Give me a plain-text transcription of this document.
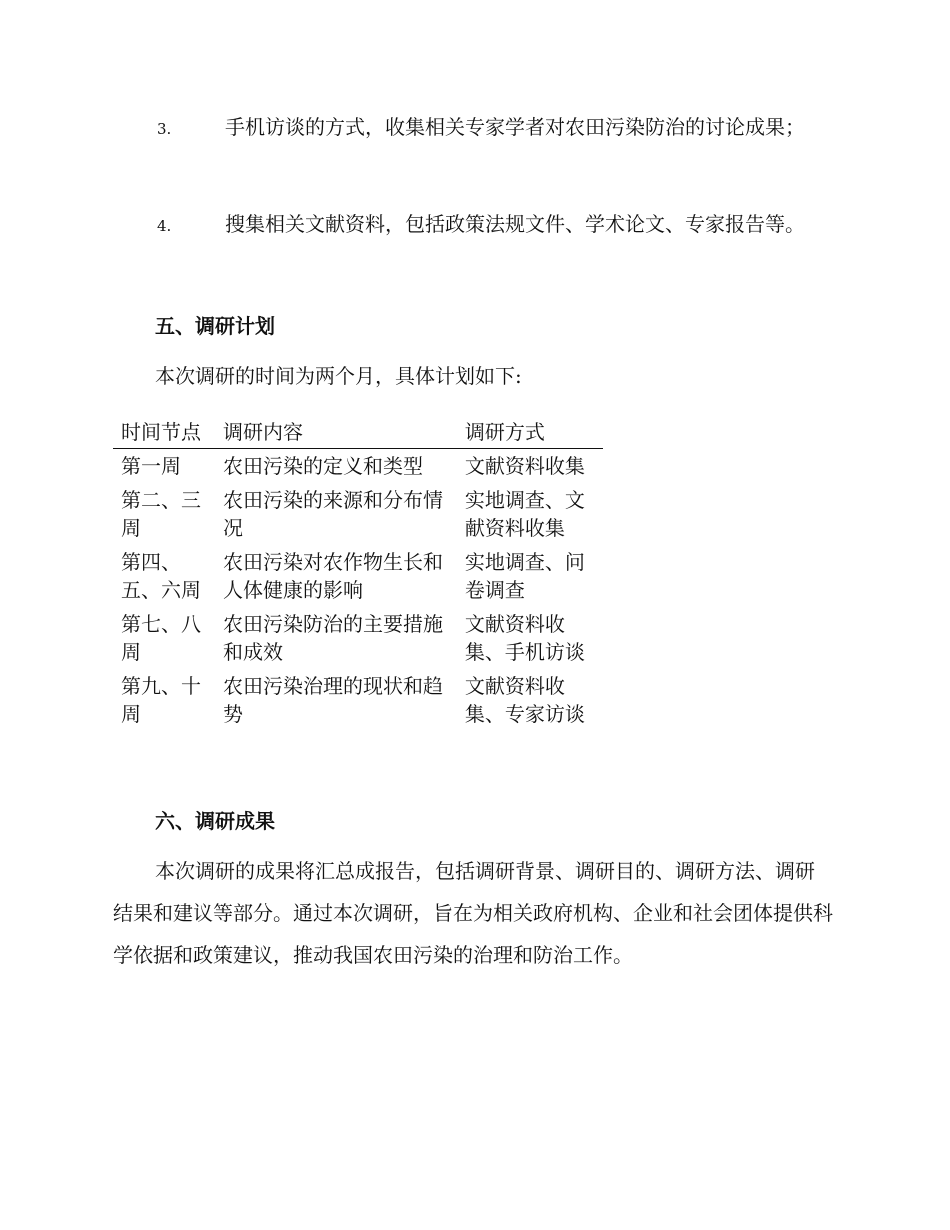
3.	手机访谈的方式，收集相关专家学者对农田污染防治的讨论成果；

4.	搜集相关文献资料，包括政策法规文件、学术论文、专家报告等。

五、调研计划

本次调研的时间为两个月，具体计划如下:

时间节点	调研内容	调研方式
第一周	农田污染的定义和类型	文献资料收集
第二、三周	农田污染的来源和分布情况	实地调查、文献资料收集
第四、五、六周	农田污染对农作物生长和人体健康的影响	实地调查、问卷调查
第七、八周	农田污染防治的主要措施和成效	文献资料收集、手机访谈
第九、十周	农田污染治理的现状和趋势	文献资料收集、专家访谈
六、调研成果

本次调研的成果将汇总成报告，包括调研背景、调研目的、调研方法、调研结果和建议等部分。通过本次调研，旨在为相关政府机构、企业和社会团体提供科学依据和政策建议，推动我国农田污染的治理和防治工作。
